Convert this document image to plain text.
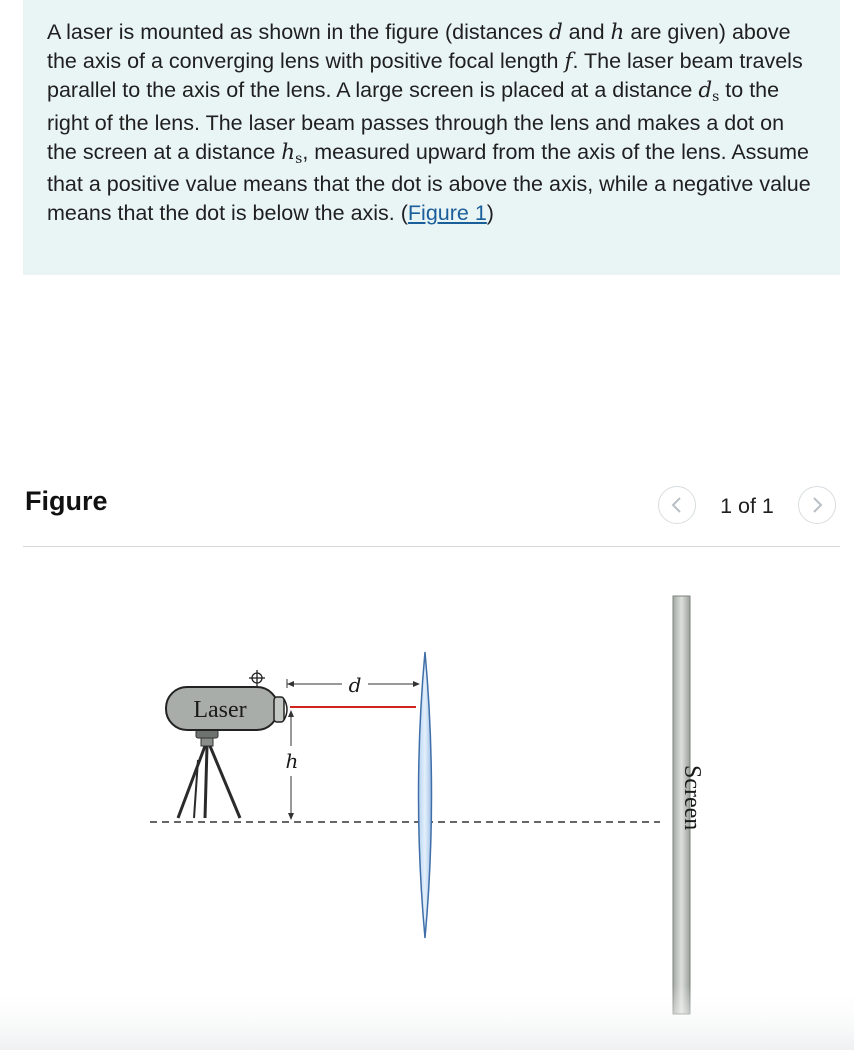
A laser is mounted as shown in the figure (distances d and h are given) above the axis of a converging lens with positive focal length f. The laser beam travels parallel to the axis of the lens. A large screen is placed at a distance ds to the right of the lens. The laser beam passes through the lens and makes a dot on the screen at a distance hs, measured upward from the axis of the lens. Assume that a positive value means that the dot is above the axis, while a negative value means that the dot is below the axis. (Figure 1)

Figure	1 of 1
Laser
d
h
Screen
